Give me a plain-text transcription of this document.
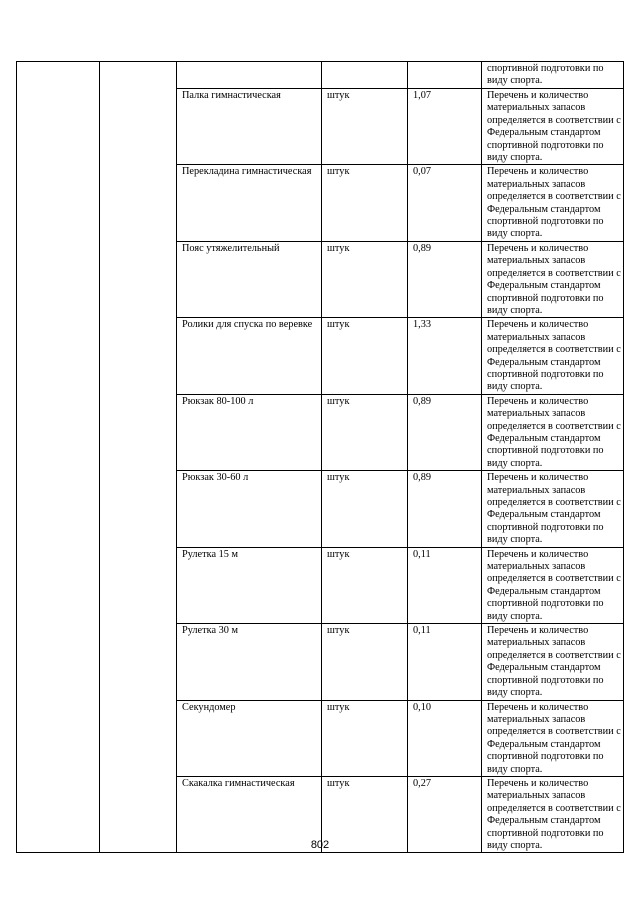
					спортивной подготовки по виду спорта.
		Палка гимнастическая	штук	1,07	Перечень и количество материальных запасов определяется в соответствии с Федеральным стандартом спортивной подготовки по виду спорта.
		Перекладина гимнастическая	штук	0,07	Перечень и количество материальных запасов определяется в соответствии с Федеральным стандартом спортивной подготовки по виду спорта.
		Пояс утяжелительный	штук	0,89	Перечень и количество материальных запасов определяется в соответствии с Федеральным стандартом спортивной подготовки по виду спорта.
		Ролики для спуска по веревке	штук	1,33	Перечень и количество материальных запасов определяется в соответствии с Федеральным стандартом спортивной подготовки по виду спорта.
		Рюкзак 80-100 л	штук	0,89	Перечень и количество материальных запасов определяется в соответствии с Федеральным стандартом спортивной подготовки по виду спорта.
		Рюкзак 30-60 л	штук	0,89	Перечень и количество материальных запасов определяется в соответствии с Федеральным стандартом спортивной подготовки по виду спорта.
		Рулетка 15 м	штук	0,11	Перечень и количество материальных запасов определяется в соответствии с Федеральным стандартом спортивной подготовки по виду спорта.
		Рулетка 30 м	штук	0,11	Перечень и количество материальных запасов определяется в соответствии с Федеральным стандартом спортивной подготовки по виду спорта.
		Секундомер	штук	0,10	Перечень и количество материальных запасов определяется в соответствии с Федеральным стандартом спортивной подготовки по виду спорта.
		Скакалка гимнастическая	штук	0,27	Перечень и количество материальных запасов определяется в соответствии с Федеральным стандартом спортивной подготовки по виду спорта.
802
